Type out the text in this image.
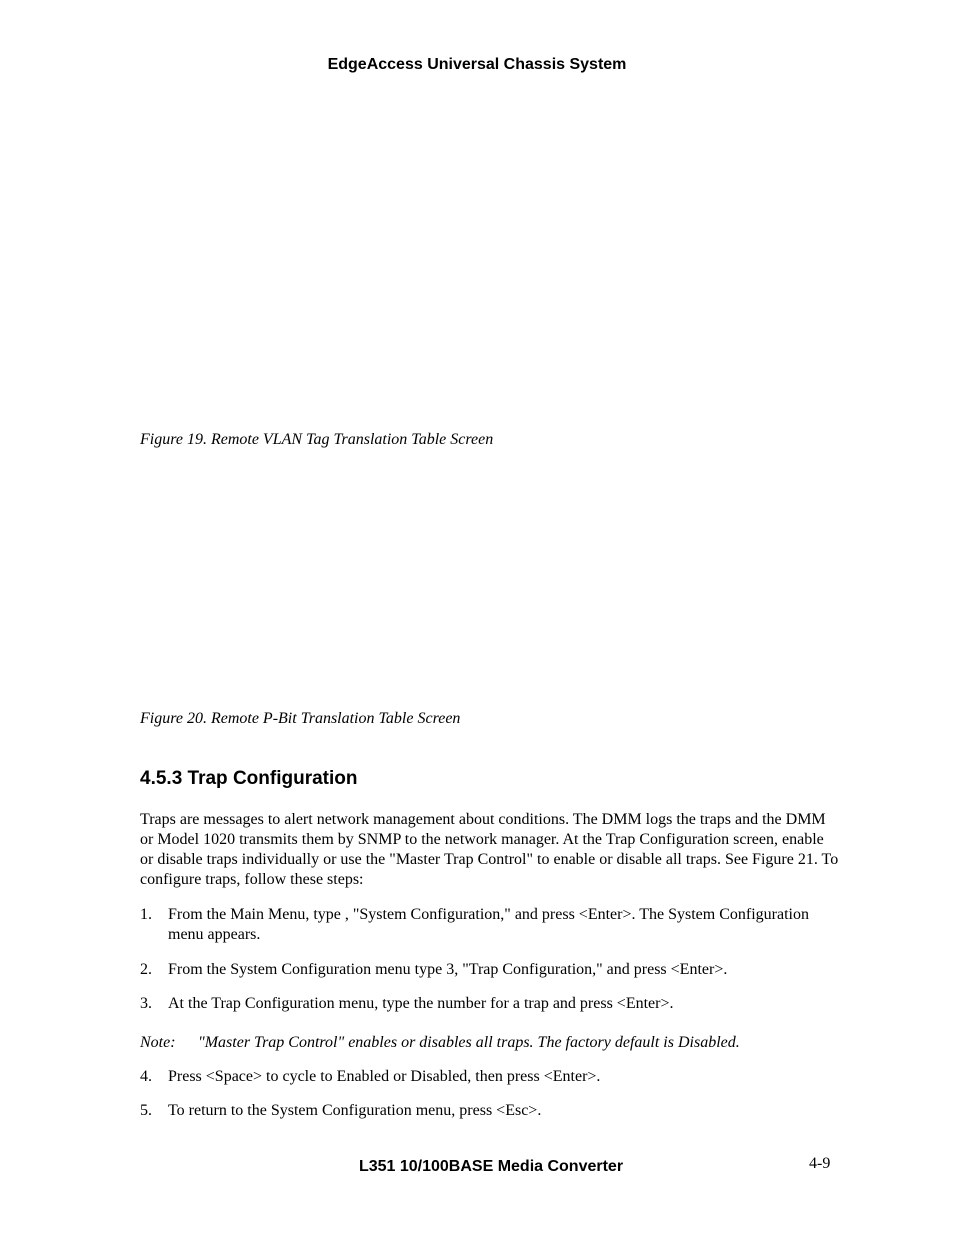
EdgeAccess Universal Chassis System
Figure 19. Remote VLAN Tag Translation Table Screen
Figure 20. Remote P-Bit Translation Table Screen
4.5.3 Trap Configuration

Traps are messages to alert network management about conditions. The DMM logs the traps and the DMM or Model 1020 transmits them by SNMP to the network manager. At the Trap Configuration screen, enable or disable traps individually or use the "Master Trap Control" to enable or disable all traps. See Figure 21. To configure traps, follow these steps:

1. From the Main Menu, type , "System Configuration," and press <Enter>. The System Configuration menu appears.
2. From the System Configuration menu type 3, "Trap Configuration," and press <Enter>.
3. At the Trap Configuration menu, type the number for a trap and press <Enter>.
Note: "Master Trap Control" enables or disables all traps. The factory default is Disabled.
4. Press <Space> to cycle to Enabled or Disabled, then press <Enter>.
5. To return to the System Configuration menu, press <Esc>.
L351 10/100BASE Media Converter	4-9
